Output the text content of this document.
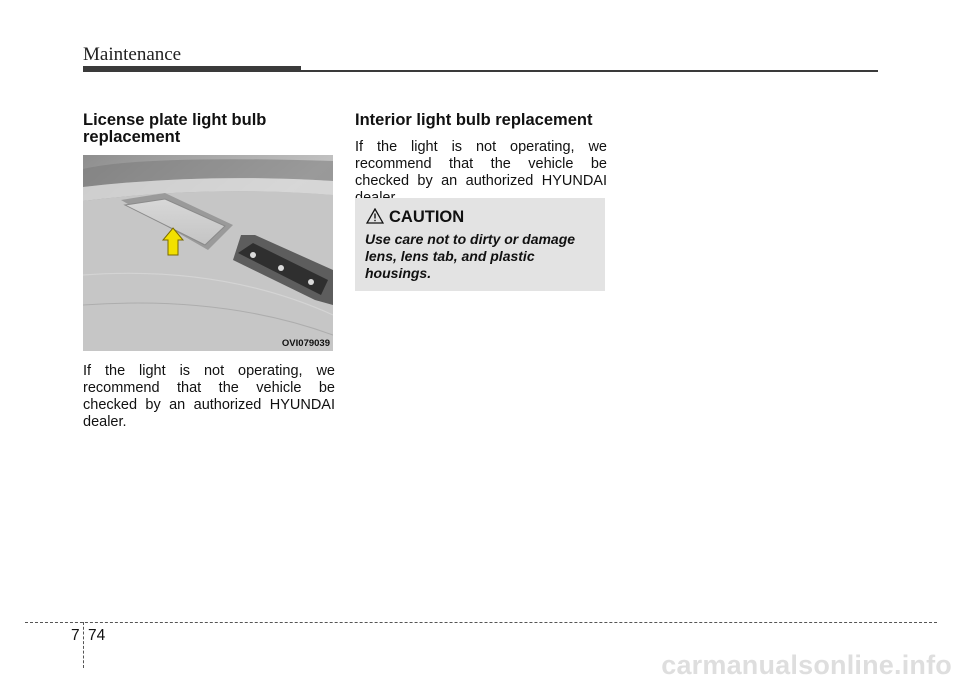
Maintenance
License plate light bulb replacement
OVI079039

If the light is not operating, we recommend that the vehicle be checked by an authorized HYUNDAI dealer.

Interior light bulb replacement

If the light is not operating, we recommend that the vehicle be checked by an authorized HYUNDAI

CAUTION
Use care not to dirty or damage lens, lens tab, and plastic housings.
7 74
carmanualsonline.info
